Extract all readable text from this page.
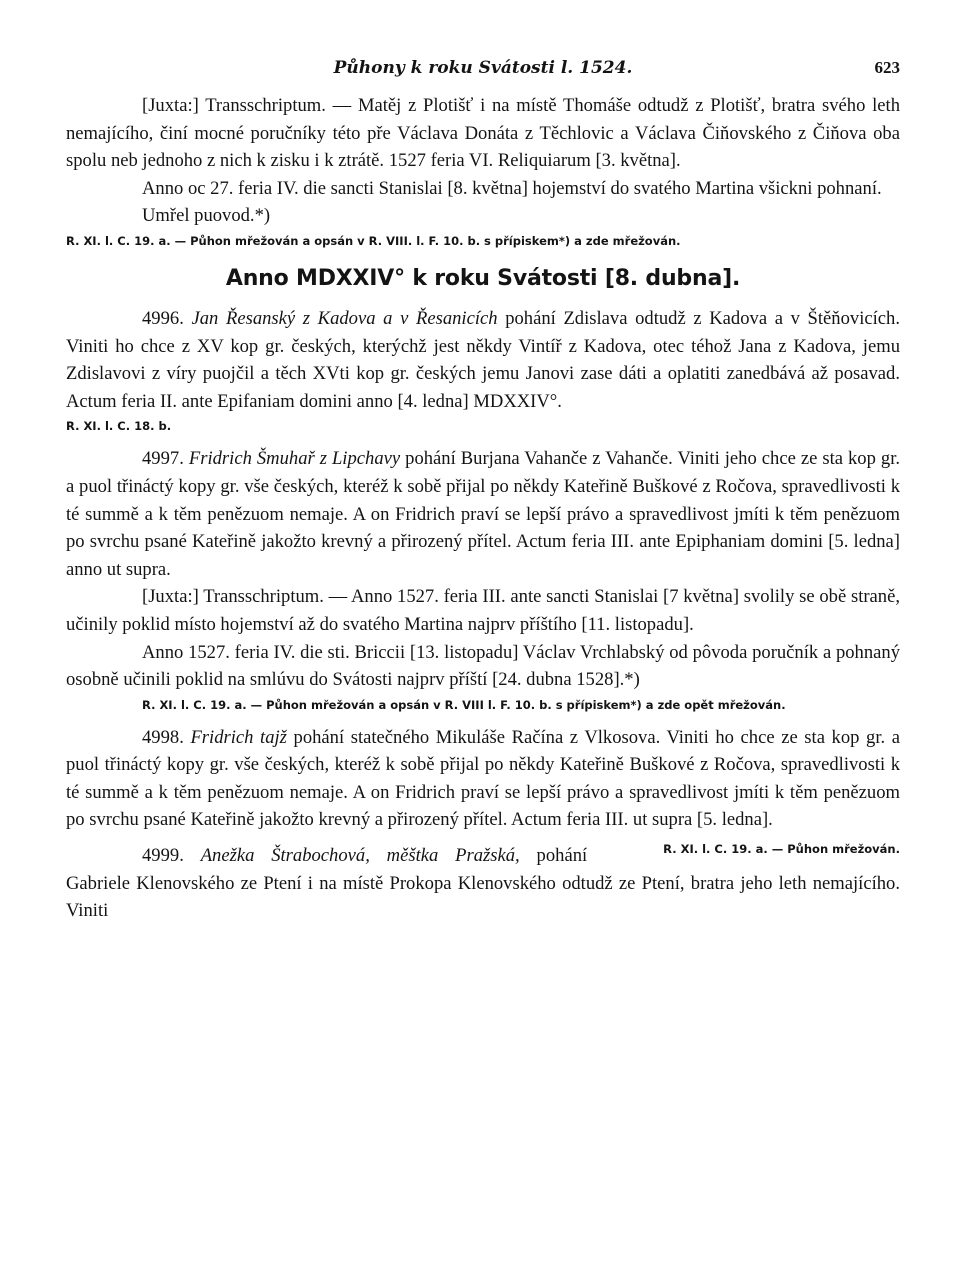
Půhony k roku Svátosti l. 1524.	623

[Juxta:] Transschriptum. — Matěj z Plotišť i na místě Thomáše odtudž z Plotišť, bratra svého leth nemajícího, činí mocné poručníky této pře Václava Donáta z Těchlovic a Václava Čiňovského z Čiňova oba spolu neb jednoho z nich k zisku i k ztrátě. 1527 feria VI. Reliquiarum [3. května].

Anno oc 27. feria IV. die sancti Stanislai [8. května] hojemství do svatého Martina všickni pohnaní.

Umřel puovod.*)

R. XI. l. C. 19. a. — Půhon mřežován a opsán v R. VIII. l. F. 10. b. s přípiskem*) a zde mřežován.
Anno MDXXIV° k roku Svátosti [8. dubna].

4996. Jan Řesanský z Kadova a v Řesanicích pohání Zdislava odtudž z Kadova a v Štěňovicích. Viniti ho chce z XV kop gr. českých, kterýchž jest někdy Vintíř z Kadova, otec téhož Jana z Kadova, jemu Zdislavovi z víry puojčil a těch XVti kop gr. českých jemu Janovi zase dáti a oplatiti zanedbává až posavad. Actum feria II. ante Epifaniam domini anno [4. ledna] MDXXIV°.

R. XI. l. C. 18. b.

4997. Fridrich Šmuhař z Lipchavy pohání Burjana Vahanče z Vahanče. Viniti jeho chce ze sta kop gr. a puol třináctý kopy gr. vše českých, kteréž k sobě přijal po někdy Kateřině Buškové z Ročova, spravedlivosti k té summě a k těm penězuom nemaje. A on Fridrich praví se lepší právo a spravedlivost jmíti k těm penězuom po svrchu psané Kateřině jakožto krevný a přirozený přítel. Actum feria III. ante Epiphaniam domini [5. ledna] anno ut supra.

[Juxta:] Transschriptum. — Anno 1527. feria III. ante sancti Stanislai [7 května] svolily se obě straně, učinily poklid místo hojemství až do svatého Martina najprv příštího [11. listopadu].

Anno 1527. feria IV. die sti. Briccii [13. listopadu] Václav Vrchlabský od pôvoda poručník a pohnaný osobně učinili poklid na smlúvu do Svátosti najprv příští [24. dubna 1528].*)

R. XI. l. C. 19. a. — Půhon mřežován a opsán v R. VIII l. F. 10. b. s přípiskem*) a zde opět mřežován.

4998. Fridrich tajž pohání statečného Mikuláše Račína z Vlkosova. Viniti ho chce ze sta kop gr. a puol třináctý kopy gr. vše českých, kteréž k sobě přijal po někdy Kateřině Buškové z Ročova, spravedlivosti k té summě a k těm penězuom nemaje. A on Fridrich praví se lepší právo a spravedlivost jmíti k těm penězuom po svrchu psané Kateřině jakožto krevný a přirozený přítel. Actum feria III. ut supra [5. ledna].
R. XI. l. C. 19. a. — Půhon mřežován.

4999. Anežka Štrabochová, měštka Pražská, pohání Gabriele Klenovského ze Ptení i na místě Prokopa Klenovského odtudž ze Ptení, bratra jeho leth nemajícího. Viniti
